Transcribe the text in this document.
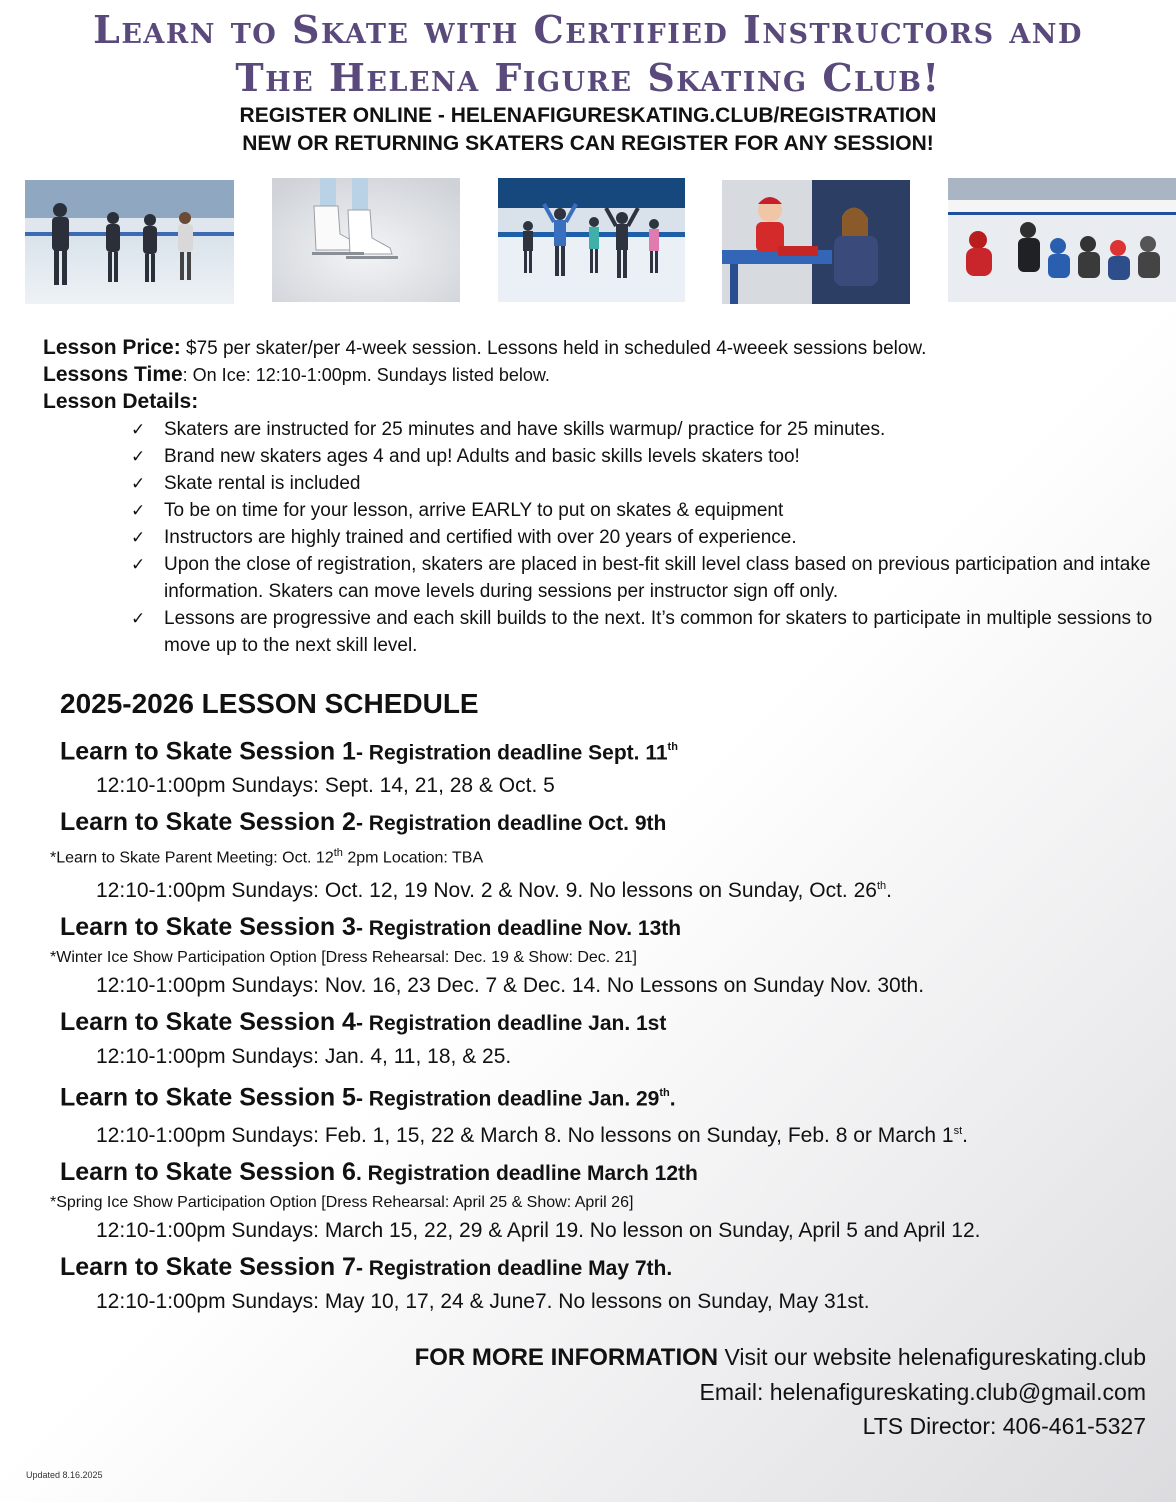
Learn to Skate with Certified Instructors and
The Helena Figure Skating Club!
REGISTER ONLINE - HELENAFIGURESKATING.CLUB/REGISTRATION
NEW OR RETURNING SKATERS CAN REGISTER FOR ANY SESSION!
Lesson Price: $75 per skater/per 4-week session. Lessons held in scheduled 4-weeek sessions below.
Lessons Time: On Ice: 12:10-1:00pm. Sundays listed below.
Lesson Details:
✓ Skaters are instructed for 25 minutes and have skills warmup/ practice for 25 minutes.
✓ Brand new skaters ages 4 and up! Adults and basic skills levels skaters too!
✓ Skate rental is included
✓ To be on time for your lesson, arrive EARLY to put on skates & equipment
✓ Instructors are highly trained and certified with over 20 years of experience.
✓ Upon the close of registration, skaters are placed in best-fit skill level class based on previous participation and intake information. Skaters can move levels during sessions per instructor sign off only.
✓ Lessons are progressive and each skill builds to the next. It’s common for skaters to participate in multiple sessions to move up to the next skill level.
2025-2026 LESSON SCHEDULE
Learn to Skate Session 1- Registration deadline Sept. 11th
12:10-1:00pm Sundays: Sept. 14, 21, 28 & Oct. 5
Learn to Skate Session 2- Registration deadline Oct. 9th
*Learn to Skate Parent Meeting: Oct. 12th 2pm Location: TBA
12:10-1:00pm Sundays: Oct. 12, 19 Nov. 2 & Nov. 9. No lessons on Sunday, Oct. 26th.
Learn to Skate Session 3- Registration deadline Nov. 13th
*Winter Ice Show Participation Option [Dress Rehearsal: Dec. 19 & Show: Dec. 21]
12:10-1:00pm Sundays: Nov. 16, 23 Dec. 7 & Dec. 14. No Lessons on Sunday Nov. 30th.
Learn to Skate Session 4- Registration deadline Jan. 1st
12:10-1:00pm Sundays: Jan. 4, 11, 18, & 25.
Learn to Skate Session 5- Registration deadline Jan. 29th.
12:10-1:00pm Sundays: Feb. 1, 15, 22 & March 8. No lessons on Sunday, Feb. 8 or March 1st.
Learn to Skate Session 6. Registration deadline March 12th
*Spring Ice Show Participation Option [Dress Rehearsal: April 25 & Show: April 26]
12:10-1:00pm Sundays: March 15, 22, 29 & April 19. No lesson on Sunday, April 5 and April 12.
Learn to Skate Session 7- Registration deadline May 7th.
12:10-1:00pm Sundays: May 10, 17, 24 & June7. No lessons on Sunday, May 31st.
FOR MORE INFORMATION Visit our website helenafigureskating.club
Email: helenafigureskating.club@gmail.com
LTS Director: 406-461-5327
Updated 8.16.2025
